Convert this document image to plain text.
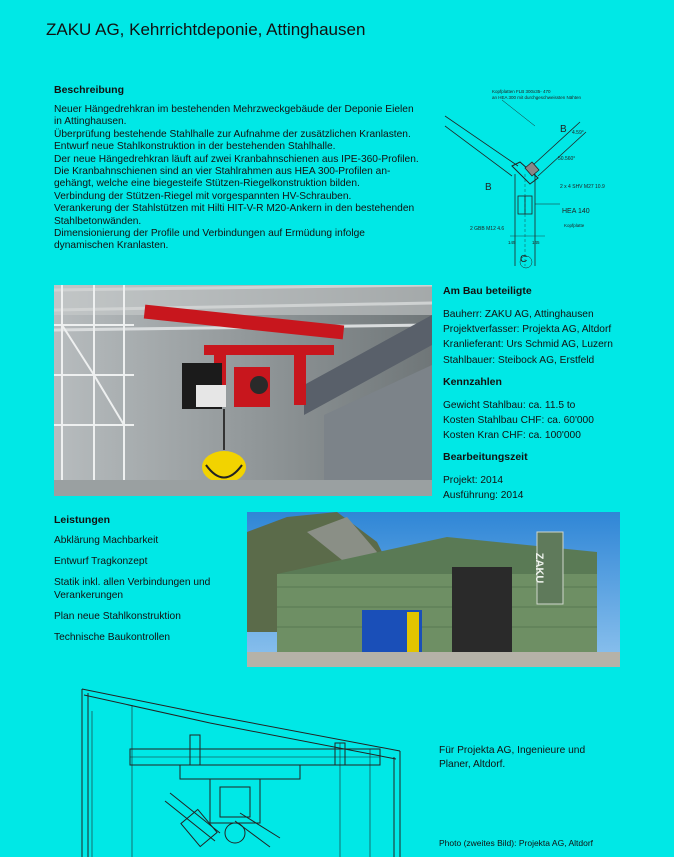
ZAKU AG, Kehrrichtdeponie, Attinghausen
Beschreibung

Neuer Hängedrehkran im bestehenden Mehrzweckgebäude der Deponie Eielen

in Attinghausen.

Überprüfung bestehende Stahlhalle zur Aufnahme der zusätzlichen Kranlasten.

Entwurf neue Stahlkonstruktion in der bestehenden Stahlhalle.

Der neue Hängedrehkran läuft auf zwei Kranbahnschienen aus IPE-360-Profilen.

Die Kranbahnschienen sind an vier Stahlrahmen aus HEA 300-Profilen an-

gehängt, welche eine biegesteife Stützen-Riegelkonstruktion bilden.

Verbindung der Stützen-Riegel mit vorgespannten HV-Schrauben.

Verankerung der Stahlstützen mit Hilti HIT-V-R M20-Ankern in den bestehenden

Stahlbetonwänden.

Dimensionierung der Profile und Verbindungen auf Ermüdung infolge

dynamischen Kranlasten.

Kopfplatten FLB 300x35- 470
an HEA 300 mit durchgeschweissten Nähten
HEA 140
Kopfplatte
2 x 4 SHV M27 10.9
2 GBB M12 4.6
4.59°
50.560°
B
B
C
145	145
Am Bau beteiligte

Bauherr: ZAKU AG, Attinghausen

Projektverfasser: Projekta AG, Altdorf

Kranlieferant: Urs Schmid AG, Luzern

Stahlbauer: Steibock AG, Erstfeld

Kennzahlen

Gewicht Stahlbau: ca. 11.5 to

Kosten Stahlbau CHF: ca. 60'000

Kosten Kran CHF: ca. 100'000

Bearbeitungszeit

Projekt: 2014

Ausführung: 2014

Leistungen
Abklärung Machbarkeit
Entwurf Tragkonzept
Statik inkl. allen Verbindungen und Verankerungen
Plan neue Stahlkonstruktion
Technische Baukontrollen
ZAKU
Für Projekta AG, Ingenieure und
Planer, Altdorf.
Photo (zweites Bild): Projekta AG, Altdorf
